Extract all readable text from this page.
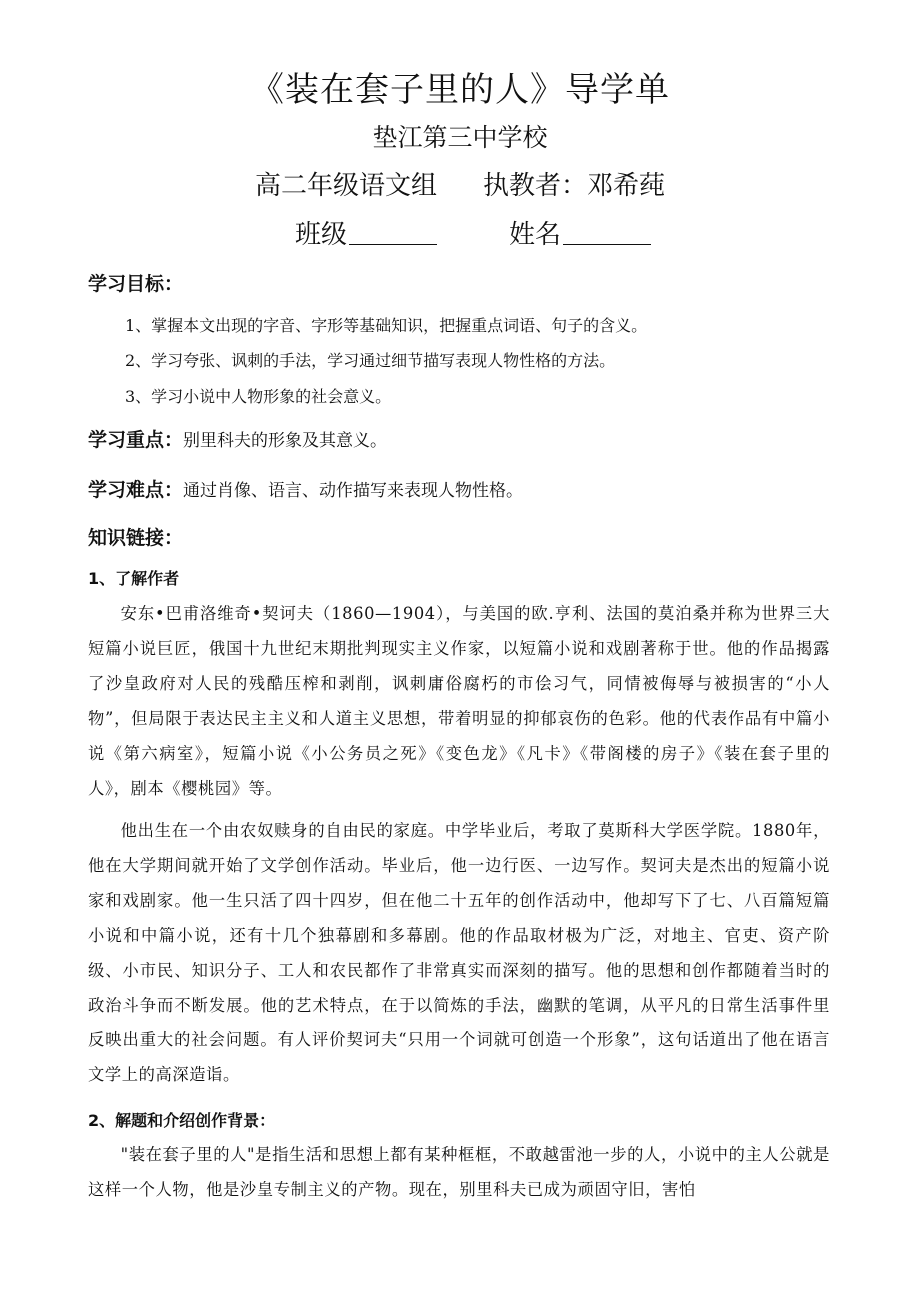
《装在套子里的人》导学单
垫江第三中学校
高二年级语文组 执教者：邓希莼
班级	姓名
学习目标：
1、掌握本文出现的字音、字形等基础知识，把握重点词语、句子的含义。
2、学习夸张、讽刺的手法，学习通过细节描写表现人物性格的方法。
3、学习小说中人物形象的社会意义。
学习重点：别里科夫的形象及其意义。
学习难点：通过肖像、语言、动作描写来表现人物性格。
知识链接：
1、了解作者

安东•巴甫洛维奇•契诃夫（1860—1904），与美国的欧.亨利、法国的莫泊桑并称为世界三大短篇小说巨匠，俄国十九世纪末期批判现实主义作家，以短篇小说和戏剧著称于世。他的作品揭露了沙皇政府对人民的残酷压榨和剥削，讽刺庸俗腐朽的市侩习气，同情被侮辱与被损害的“小人物”，但局限于表达民主主义和人道主义思想，带着明显的抑郁哀伤的色彩。他的代表作品有中篇小说《第六病室》，短篇小说《小公务员之死》《变色龙》《凡卡》《带阁楼的房子》《装在套子里的人》，剧本《樱桃园》等。

他出生在一个由农奴赎身的自由民的家庭。中学毕业后，考取了莫斯科大学医学院。1880年，他在大学期间就开始了文学创作活动。毕业后，他一边行医、一边写作。契诃夫是杰出的短篇小说家和戏剧家。他一生只活了四十四岁，但在他二十五年的创作活动中，他却写下了七、八百篇短篇小说和中篇小说，还有十几个独幕剧和多幕剧。他的作品取材极为广泛，对地主、官吏、资产阶级、小市民、知识分子、工人和农民都作了非常真实而深刻的描写。他的思想和创作都随着当时的政治斗争而不断发展。他的艺术特点，在于以简炼的手法，幽默的笔调，从平凡的日常生活事件里反映出重大的社会问题。有人评价契诃夫“只用一个词就可创造一个形象”，这句话道出了他在语言文学上的高深造诣。

2、解题和介绍创作背景：

"装在套子里的人"是指生活和思想上都有某种框框，不敢越雷池一步的人，小说中的主人公就是这样一个人物，他是沙皇专制主义的产物。现在，别里科夫已成为顽固守旧，害怕
